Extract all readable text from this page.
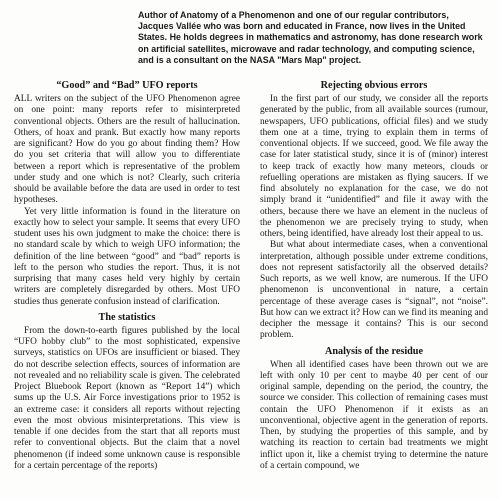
Author of Anatomy of a Phenomenon and one of our regular contributors, Jacques Vallée who was born and educated in France, now lives in the United States. He holds degrees in mathematics and astronomy, has done research work on artificial satellites, microwave and radar technology, and computing science, and is a consultant on the NASA "Mars Map" project.

“Good” and “Bad” UFO reports

ALL writers on the subject of the UFO Phenomenon agree on one point: many reports refer to misinterpreted conventional objects. Others are the result of hallucination. Others, of hoax and prank. But exactly how many reports are significant? How do you go about finding them? How do you set criteria that will allow you to differentiate between a report which is representative of the problem under study and one which is not? Clearly, such criteria should be available before the data are used in order to test hypotheses.

Yet very little information is found in the literature on exactly how to select your sample. It seems that every UFO student uses his own judgment to make the choice: there is no standard scale by which to weigh UFO information; the definition of the line between “good” and “bad” reports is left to the person who studies the report. Thus, it is not surprising that many cases held very highly by certain writers are completely disregarded by others. Most UFO studies thus generate confusion instead of clarification.

The statistics

From the down-to-earth figures published by the local “UFO hobby club” to the most sophisticated, expensive surveys, statistics on UFOs are insufficient or biased. They do not describe selection effects, sources of information are not revealed and no reliability scale is given. The celebrated Project Bluebook Report (known as “Report 14”) which sums up the U.S. Air Force investigations prior to 1952 is an extreme case: it considers all reports without rejecting even the most obvious misinterpretations. This view is tenable if one decides from the start that all reports must refer to conventional objects. But the claim that a novel phenomenon (if indeed some unknown cause is responsible for a certain percentage of the reports)

Rejecting obvious errors

In the first part of our study, we consider all the reports generated by the public, from all available sources (rumour, newspapers, UFO publications, official files) and we study them one at a time, trying to explain them in terms of conventional objects. If we succeed, good. We file away the case for later statistical study, since it is of (minor) interest to keep track of exactly how many meteors, clouds or refuelling operations are mistaken as flying saucers. If we find absolutely no explanation for the case, we do not simply brand it “unidentified” and file it away with the others, because there we have an element in the nucleus of the phenomenon we are precisely trying to study, when others, being identified, have already lost their appeal to us.

But what about intermediate cases, when a conventional interpretation, although possible under extreme conditions, does not represent satisfactorily all the observed details? Such reports, as we well know, are numerous. If the UFO phenomenon is unconventional in nature, a certain percentage of these average cases is “signal”, not “noise”. But how can we extract it? How can we find its meaning and decipher the message it contains? This is our second problem.

Analysis of the residue

When all identified cases have been thrown out we are left with only 10 per cent to maybe 40 per cent of our original sample, depending on the period, the country, the source we consider. This collection of remaining cases must contain the UFO Phenomenon if it exists as an unconventional, objective agent in the generation of reports. Then, by studying the properties of this sample, and by watching its reaction to certain bad treatments we might inflict upon it, like a chemist trying to determine the nature of a certain compound, we
